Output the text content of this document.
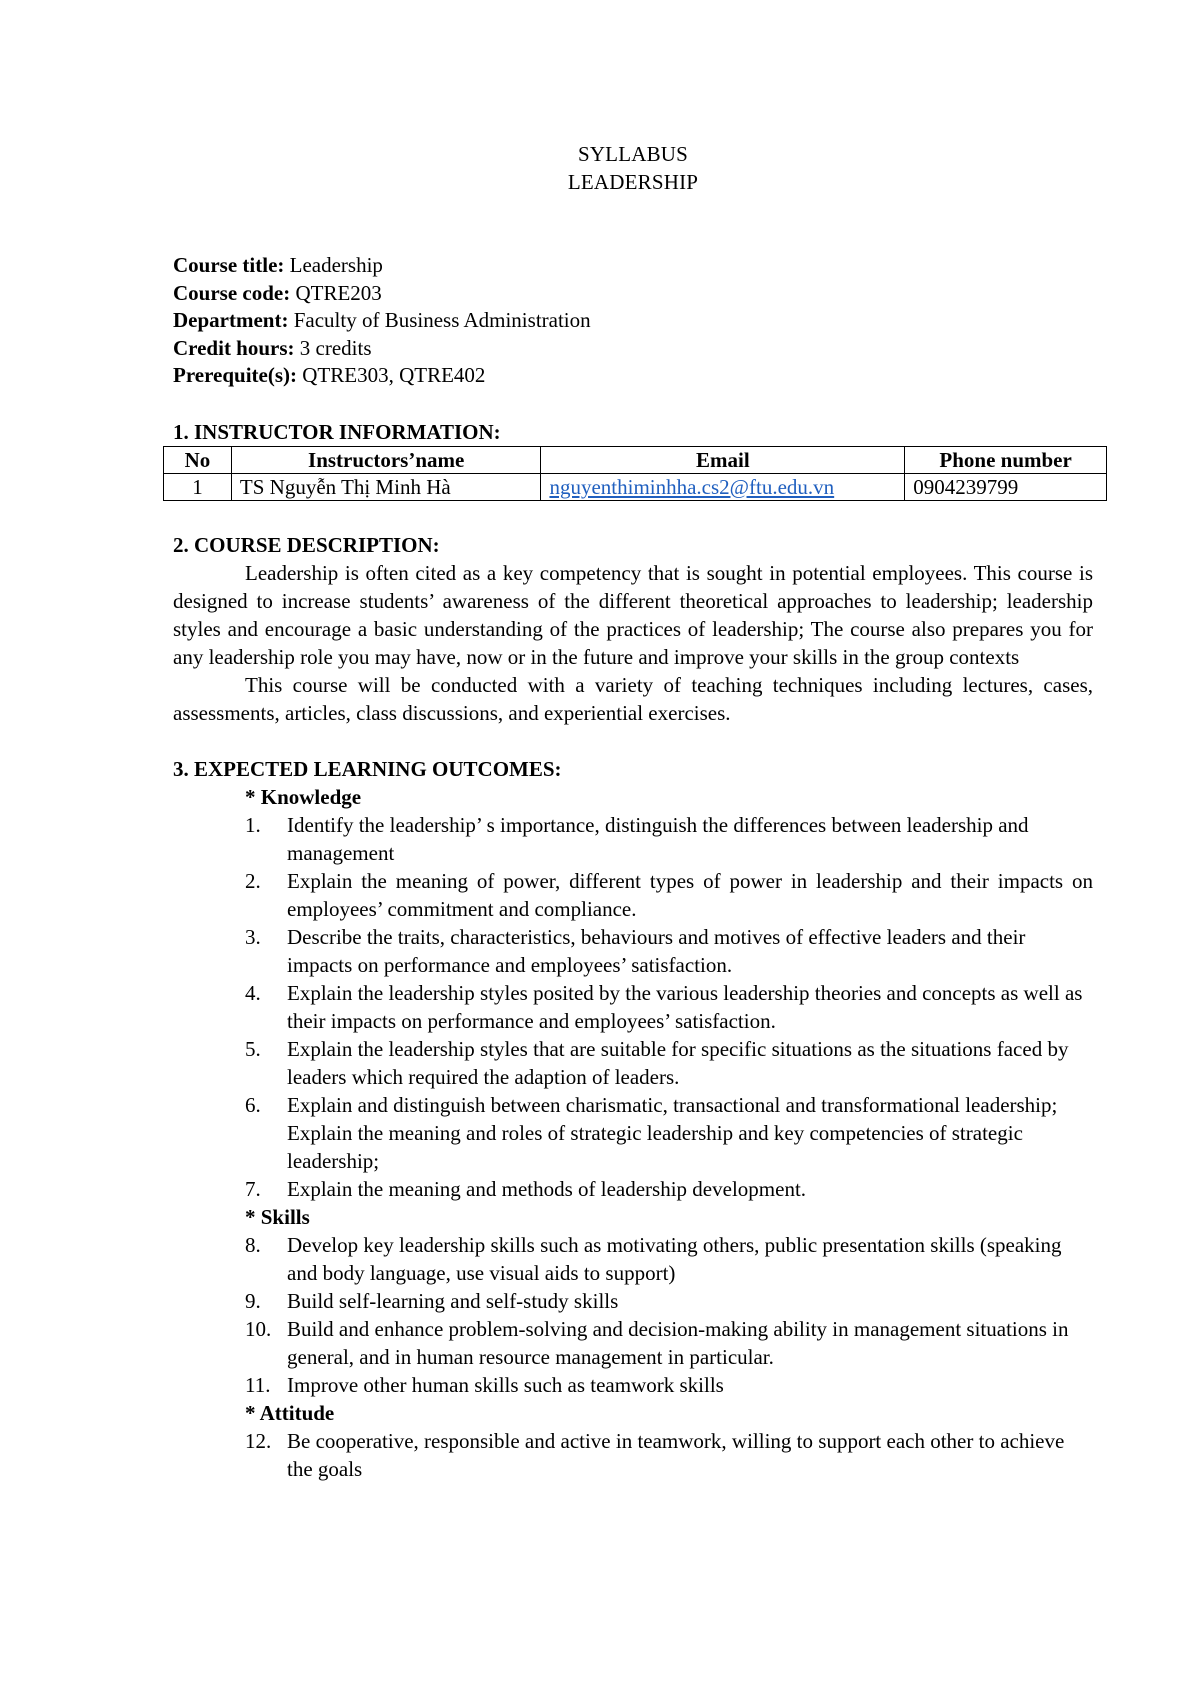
SYLLABUS

LEADERSHIP

Course title: Leadership

Course code: QTRE203

Department: Faculty of Business Administration

Credit hours: 3 credits

Prerequite(s): QTRE303, QTRE402

1. INSTRUCTOR INFORMATION:

No	Instructors’name	Email	Phone number
1	TS Nguyễn Thị Minh Hà	nguyenthiminhha.cs2@ftu.edu.vn	0904239799

2. COURSE DESCRIPTION:

Leadership is often cited as a key competency that is sought in potential employees. This course is designed to increase students’ awareness of the different theoretical approaches to leadership; leadership styles and encourage a basic understanding of the practices of leadership; The course also prepares you for any leadership role you may have, now or in the future and improve your skills in the group contexts

This course will be conducted with a variety of teaching techniques including lectures, cases, assessments, articles, class discussions, and experiential exercises.

3. EXPECTED LEARNING OUTCOMES:

* Knowledge

1. Identify the leadership’ s importance, distinguish the differences between leadership and management
2. Explain the meaning of power, different types of power in leadership and their impacts on employees’ commitment and compliance.
3. Describe the traits, characteristics, behaviours and motives of effective leaders and their impacts on performance and employees’ satisfaction.
4. Explain the leadership styles posited by the various leadership theories and concepts as well as their impacts on performance and employees’ satisfaction.
5. Explain the leadership styles that are suitable for specific situations as the situations faced by leaders which required the adaption of leaders.
6. Explain and distinguish between charismatic, transactional and transformational leadership; Explain the meaning and roles of strategic leadership and key competencies of strategic leadership;
7. Explain the meaning and methods of leadership development.

* Skills

8. Develop key leadership skills such as motivating others, public presentation skills (speaking and body language, use visual aids to support)
9. Build self-learning and self-study skills
10. Build and enhance problem-solving and decision-making ability in management situations in general, and in human resource management in particular.
11. Improve other human skills such as teamwork skills

* Attitude

12. Be cooperative, responsible and active in teamwork, willing to support each other to achieve the goals
